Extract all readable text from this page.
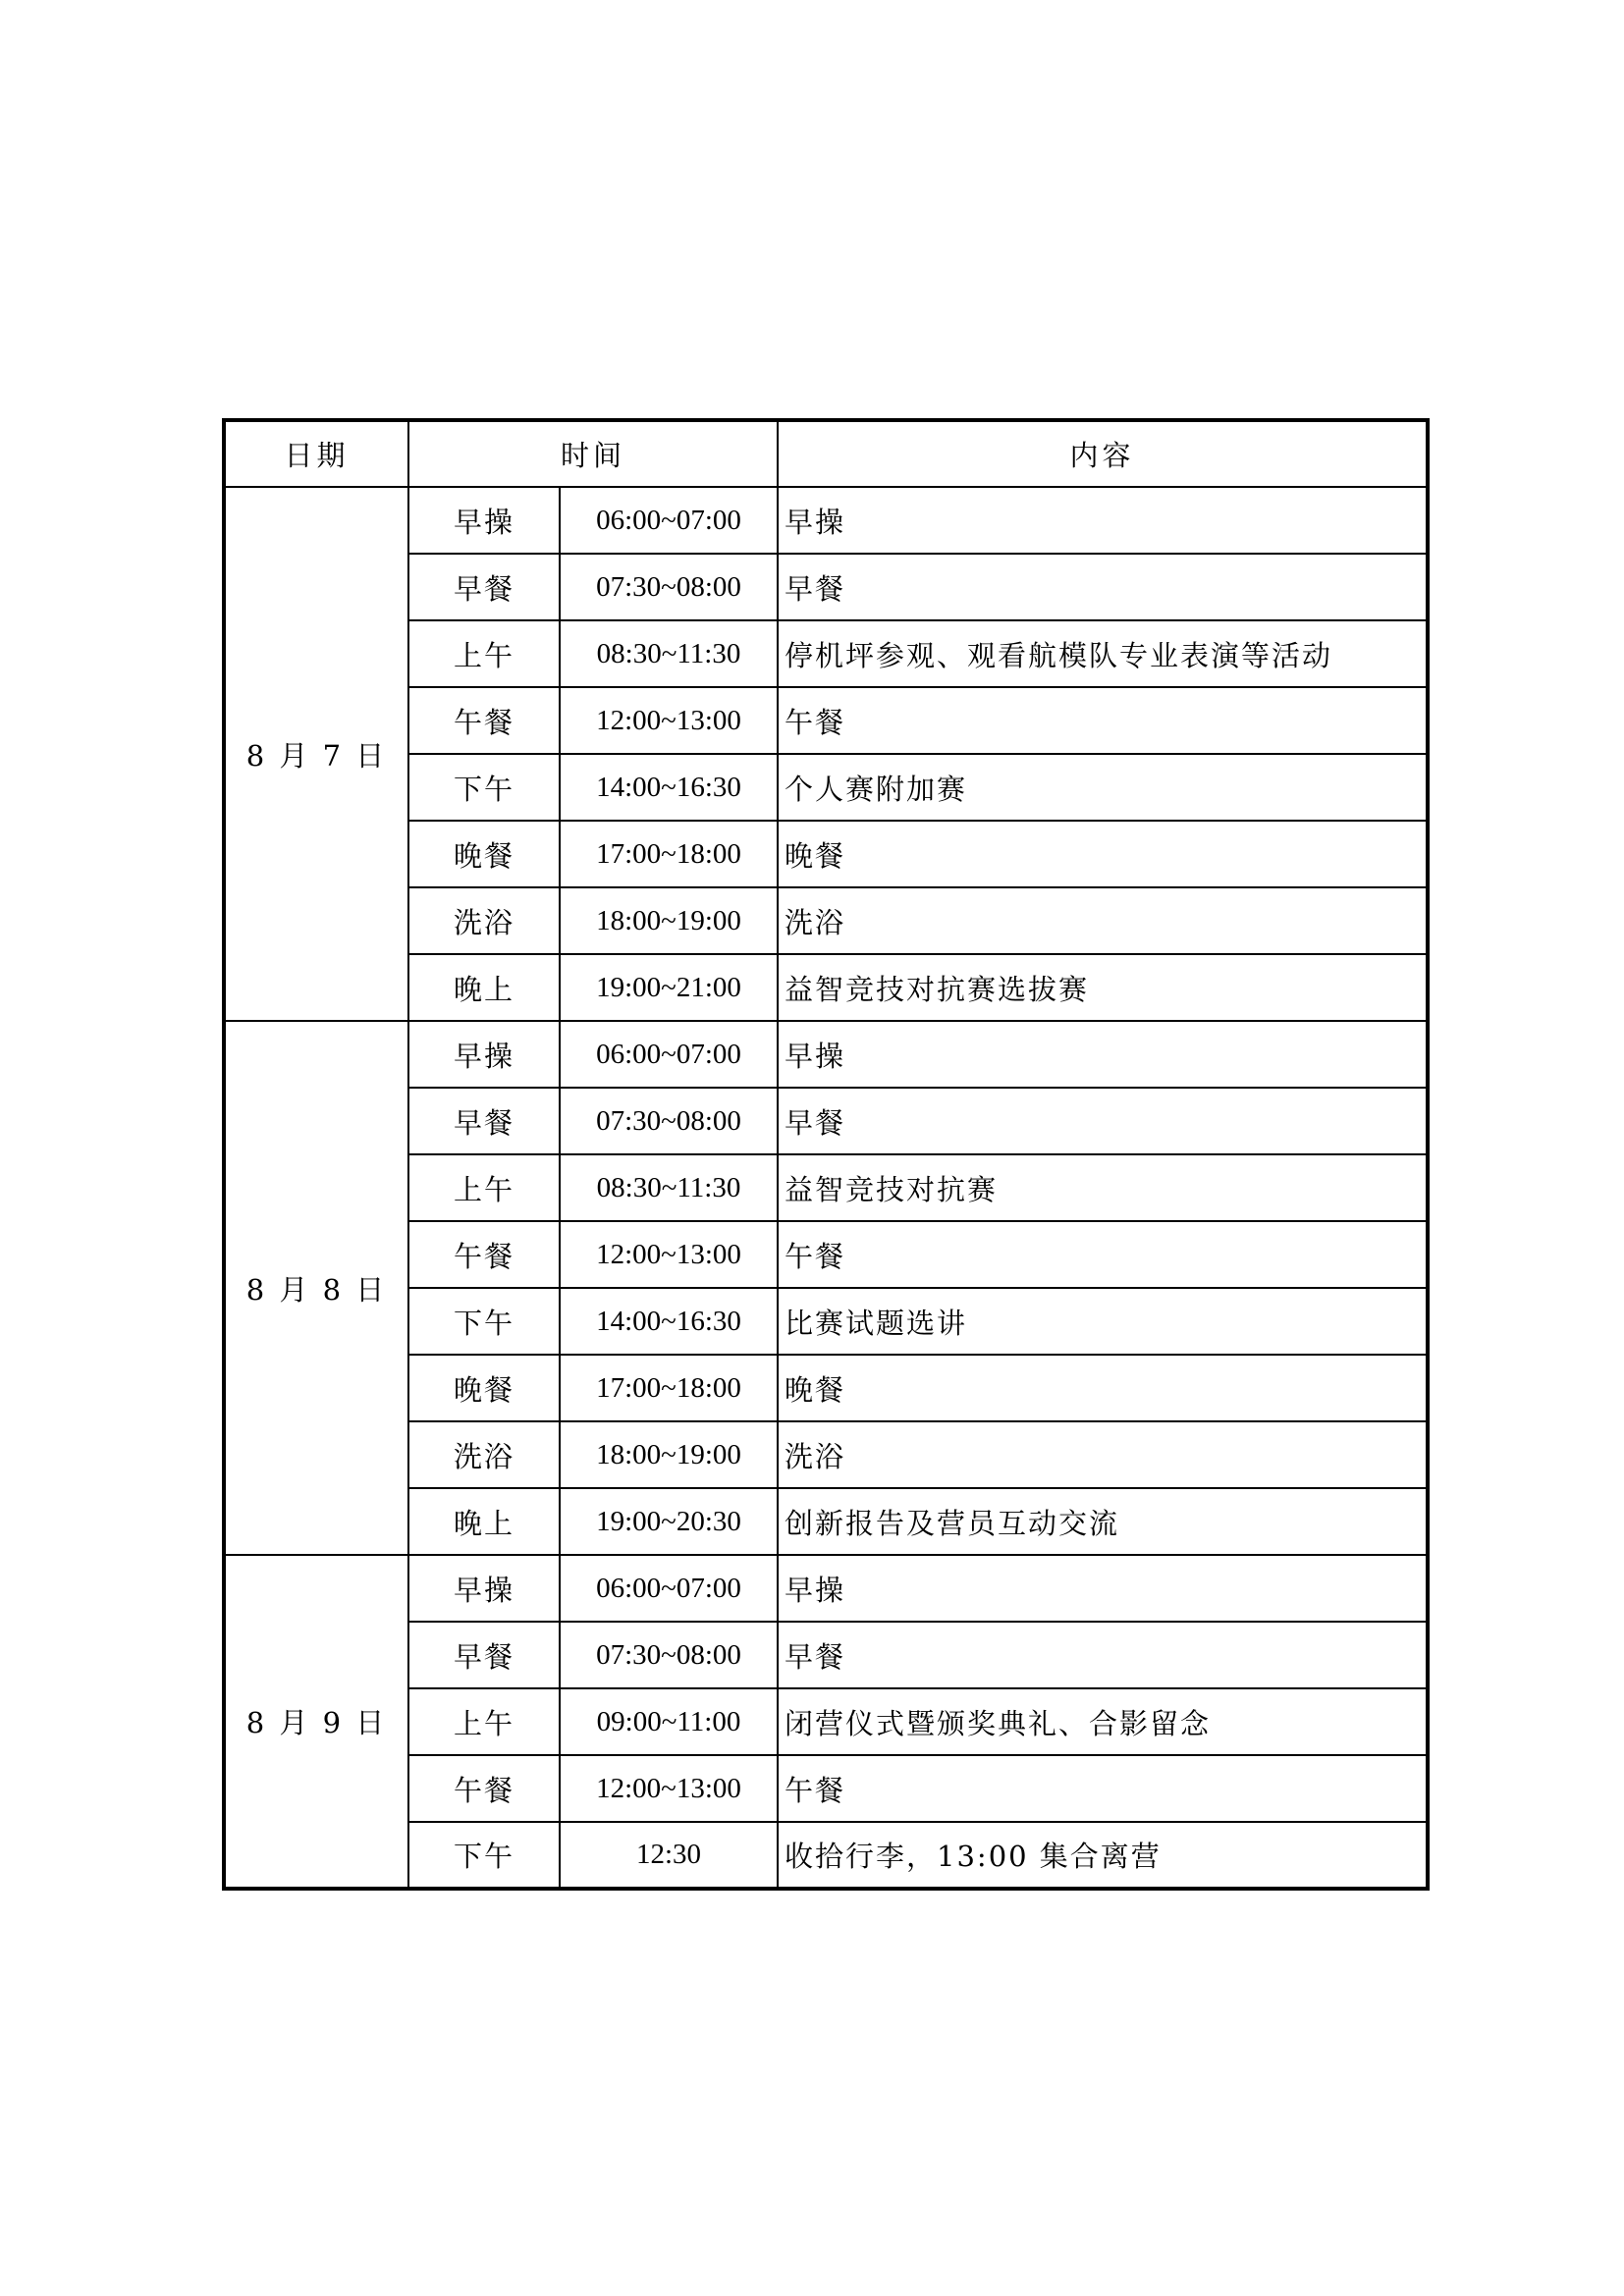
日期	时间		内容
8 月 7 日	早操	06:00~07:00	早操
	早餐	07:30~08:00	早餐
	上午	08:30~11:30	停机坪参观、观看航模队专业表演等活动
	午餐	12:00~13:00	午餐
	下午	14:00~16:30	个人赛附加赛
	晚餐	17:00~18:00	晚餐
	洗浴	18:00~19:00	洗浴
	晚上	19:00~21:00	益智竞技对抗赛选拔赛
8 月 8 日	早操	06:00~07:00	早操
	早餐	07:30~08:00	早餐
	上午	08:30~11:30	益智竞技对抗赛
	午餐	12:00~13:00	午餐
	下午	14:00~16:30	比赛试题选讲
	晚餐	17:00~18:00	晚餐
	洗浴	18:00~19:00	洗浴
	晚上	19:00~20:30	创新报告及营员互动交流
8 月 9 日	早操	06:00~07:00	早操
	早餐	07:30~08:00	早餐
	上午	09:00~11:00	闭营仪式暨颁奖典礼、合影留念
	午餐	12:00~13:00	午餐
	下午	12:30	收拾行李，13:00 集合离营
